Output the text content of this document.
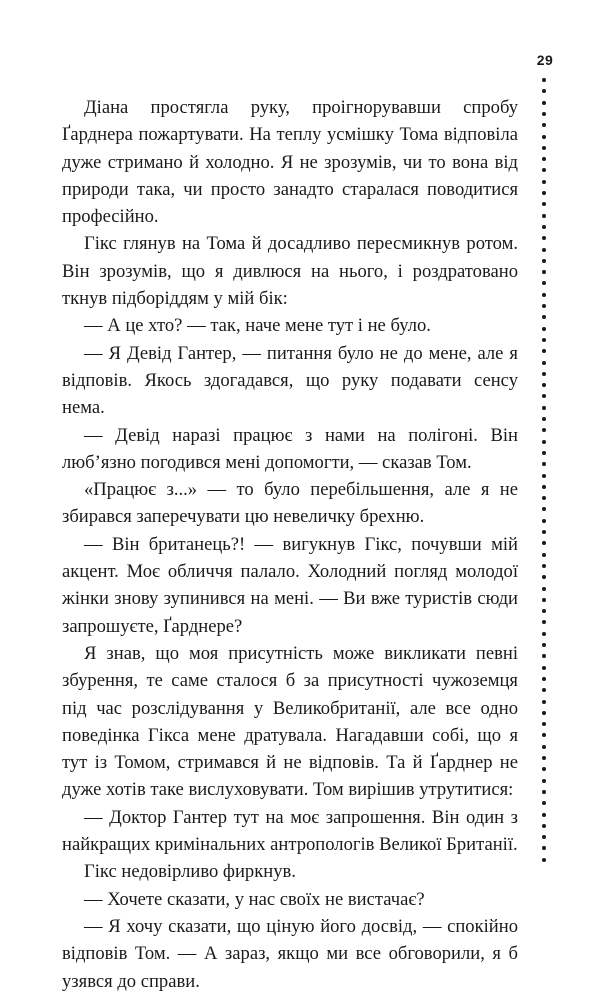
29

Діана простягла руку, проігнорувавши спробу Ґарднера пожартувати. На теплу усмішку Тома відповіла дуже стримано й холодно. Я не зрозумів, чи то вона від природи така, чи просто занадто старалася поводитися професійно.

Гікс глянув на Тома й досадливо пересмикнув ротом. Він зрозумів, що я дивлюся на нього, і роздратовано ткнув підборіддям у мій бік:

— А це хто? — так, наче мене тут і не було.

— Я Девід Гантер, — питання було не до мене, але я відповів. Якось здогадався, що руку подавати сенсу нема.

— Девід наразі працює з нами на полігоні. Він люб’язно погодився мені допомогти, — сказав Том.

«Працює з...» — то було перебільшення, але я не збирався заперечувати цю невеличку брехню.

— Він британець?! — вигукнув Гікс, почувши мій акцент. Моє обличчя палало. Холодний погляд молодої жінки знову зупинився на мені. — Ви вже туристів сюди запрошуєте, Ґарднере?

Я знав, що моя присутність може викликати певні збурення, те саме сталося б за присутності чужоземця під час розслідування у Великобританії, але все одно поведінка Гікса мене дратувала. Нагадавши собі, що я тут із Томом, стримався й не відповів. Та й Ґарднер не дуже хотів таке вислуховувати. Том вирішив утрутитися:

— Доктор Гантер тут на моє запрошення. Він один з найкращих кримінальних антропологів Великої Британії.

Гікс недовірливо фиркнув.

— Хочете сказати, у нас своїх не вистачає?

— Я хочу сказати, що ціную його досвід, — спокійно відповів Том. — А зараз, якщо ми все обговорили, я б узявся до справи.
